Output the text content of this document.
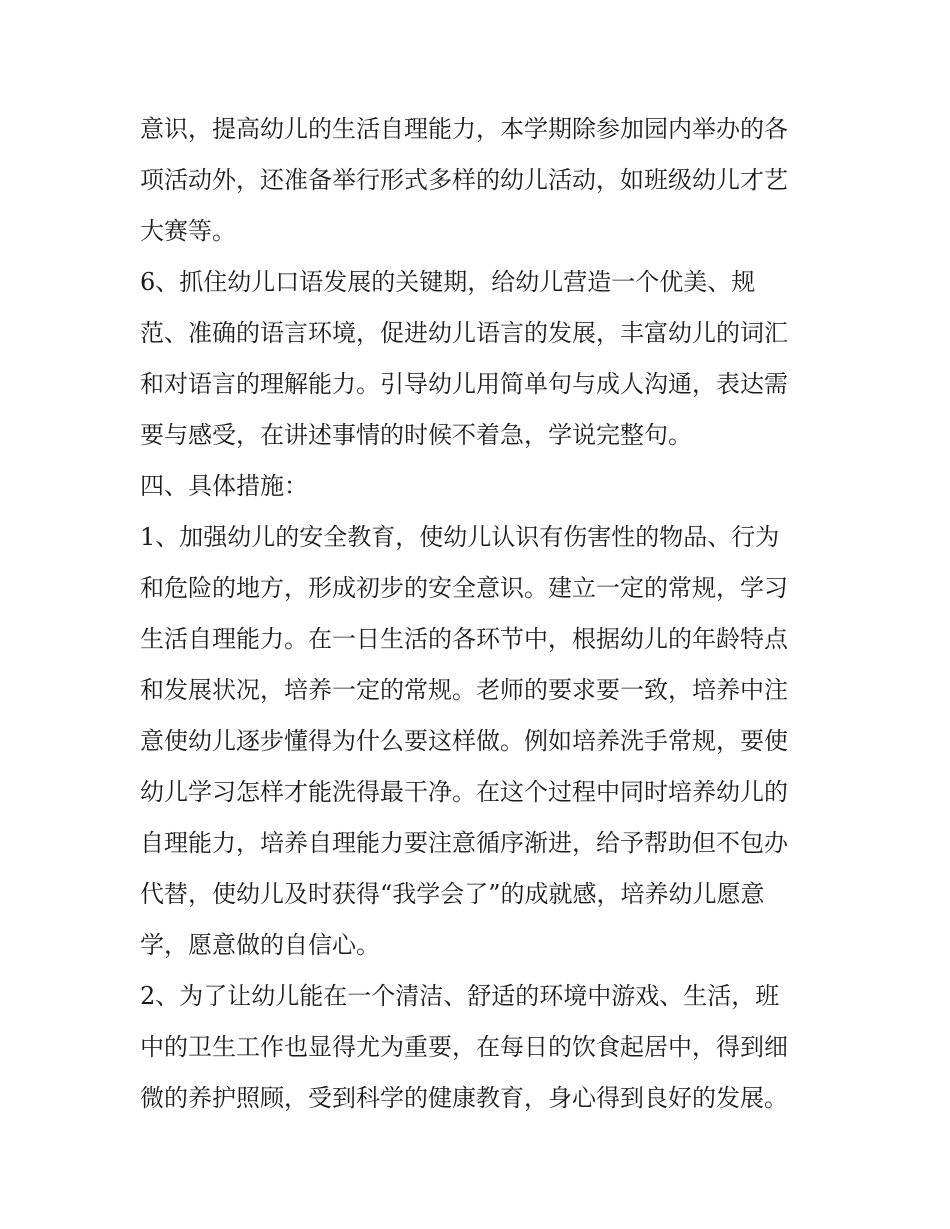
意识，提高幼儿的生活自理能力，本学期除参加园内举办的各
项活动外，还准备举行形式多样的幼儿活动，如班级幼儿才艺
大赛等。
6、抓住幼儿口语发展的关键期，给幼儿营造一个优美、规
范、准确的语言环境，促进幼儿语言的发展，丰富幼儿的词汇
和对语言的理解能力。引导幼儿用简单句与成人沟通，表达需
要与感受，在讲述事情的时候不着急，学说完整句。
四、具体措施：
1、加强幼儿的安全教育，使幼儿认识有伤害性的物品、行为
和危险的地方，形成初步的安全意识。建立一定的常规，学习
生活自理能力。在一日生活的各环节中，根据幼儿的年龄特点
和发展状况，培养一定的常规。老师的要求要一致，培养中注
意使幼儿逐步懂得为什么要这样做。例如培养洗手常规，要使
幼儿学习怎样才能洗得最干净。在这个过程中同时培养幼儿的
自理能力，培养自理能力要注意循序渐进，给予帮助但不包办
代替，使幼儿及时获得“我学会了”的成就感，培养幼儿愿意
学，愿意做的自信心。
2、为了让幼儿能在一个清洁、舒适的环境中游戏、生活，班
中的卫生工作也显得尤为重要，在每日的饮食起居中，得到细
微的养护照顾，受到科学的健康教育，身心得到良好的发展。
